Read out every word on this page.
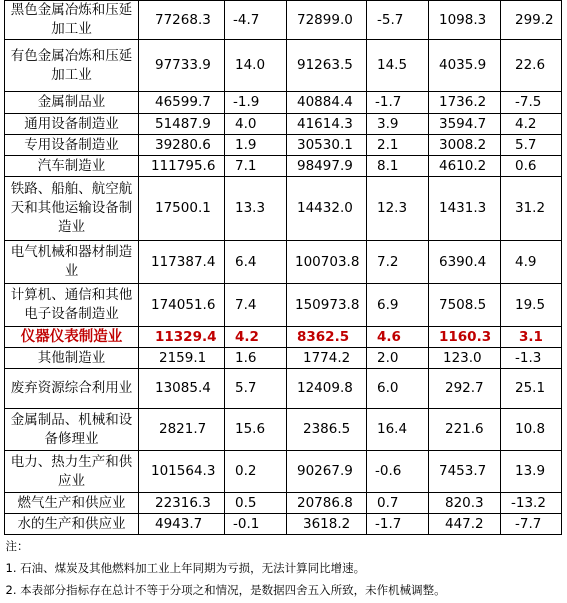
黑色金属冶炼和压延加工业	77268.3	-4.7	72899.0	-5.7	1098.3	299.2
有色金属冶炼和压延加工业	97733.9	14.0	91263.5	14.5	4035.9	22.6
金属制品业	46599.7	-1.9	40884.4	-1.7	1736.2	-7.5
通用设备制造业	51487.9	4.0	41614.3	3.9	3594.7	4.2
专用设备制造业	39280.6	1.9	30530.1	2.1	3008.2	5.7
汽车制造业	111795.6	7.1	98497.9	8.1	4610.2	0.6
铁路、船舶、航空航天和其他运输设备制造业	17500.1	13.3	14432.0	12.3	1431.3	31.2
电气机械和器材制造业	117387.4	6.4	100703.8	7.2	6390.4	4.9
计算机、通信和其他电子设备制造业	174051.6	7.4	150973.8	6.9	7508.5	19.5
仪器仪表制造业	11329.4	4.2	8362.5	4.6	1160.3	3.1
其他制造业	2159.1	1.6	1774.2	2.0	123.0	-1.3
废弃资源综合利用业	13085.4	5.7	12409.8	6.0	292.7	25.1
金属制品、机械和设备修理业	2821.7	15.6	2386.5	16.4	221.6	10.8
电力、热力生产和供应业	101564.3	0.2	90267.9	-0.6	7453.7	13.9
燃气生产和供应业	22316.3	0.5	20786.8	0.7	820.3	-13.2
水的生产和供应业	4943.7	-0.1	3618.2	-1.7	447.2	-7.7

注：
1. 石油、煤炭及其他燃料加工业上年同期为亏损，无法计算同比增速。
2. 本表部分指标存在总计不等于分项之和情况，是数据四舍五入所致，未作机械调整。						
